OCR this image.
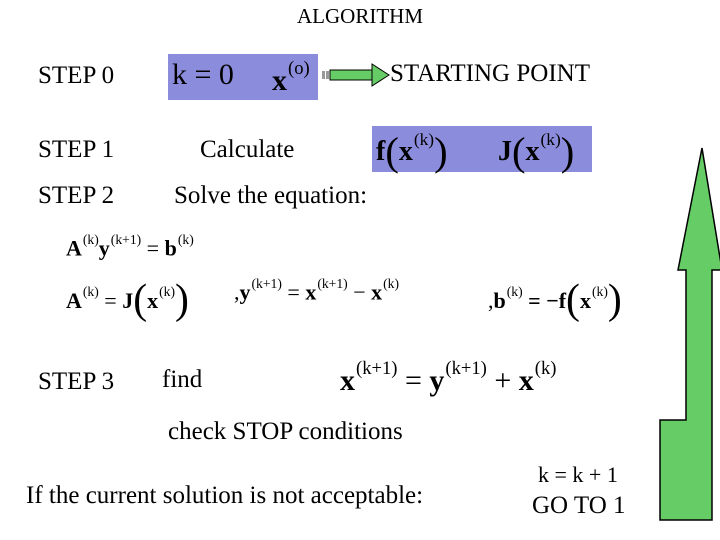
ALGORITHM
STEP 0 k = 0 $x^{(o)}$	STARTING POINT
STEP 1	Calculate	$f(x^{(k)})$ $J(x^{(k)})$
STEP 2 Solve the equation:
$A^{(k)}y^{(k+1)} = b^{(k)}$
$A^{(k)} = J(x^{(k)}) ,y^{(k+1)} = x^{(k+1)} - x^{(k)}$
$,b^{(k)} = -f(x^{(k)})$
STEP 3 find	$x^{(k+1)} = y^{(k+1)} + x^{(k)}$
check STOP conditions
If the current solution is not acceptable:
k = k + 1
GO TO 1
